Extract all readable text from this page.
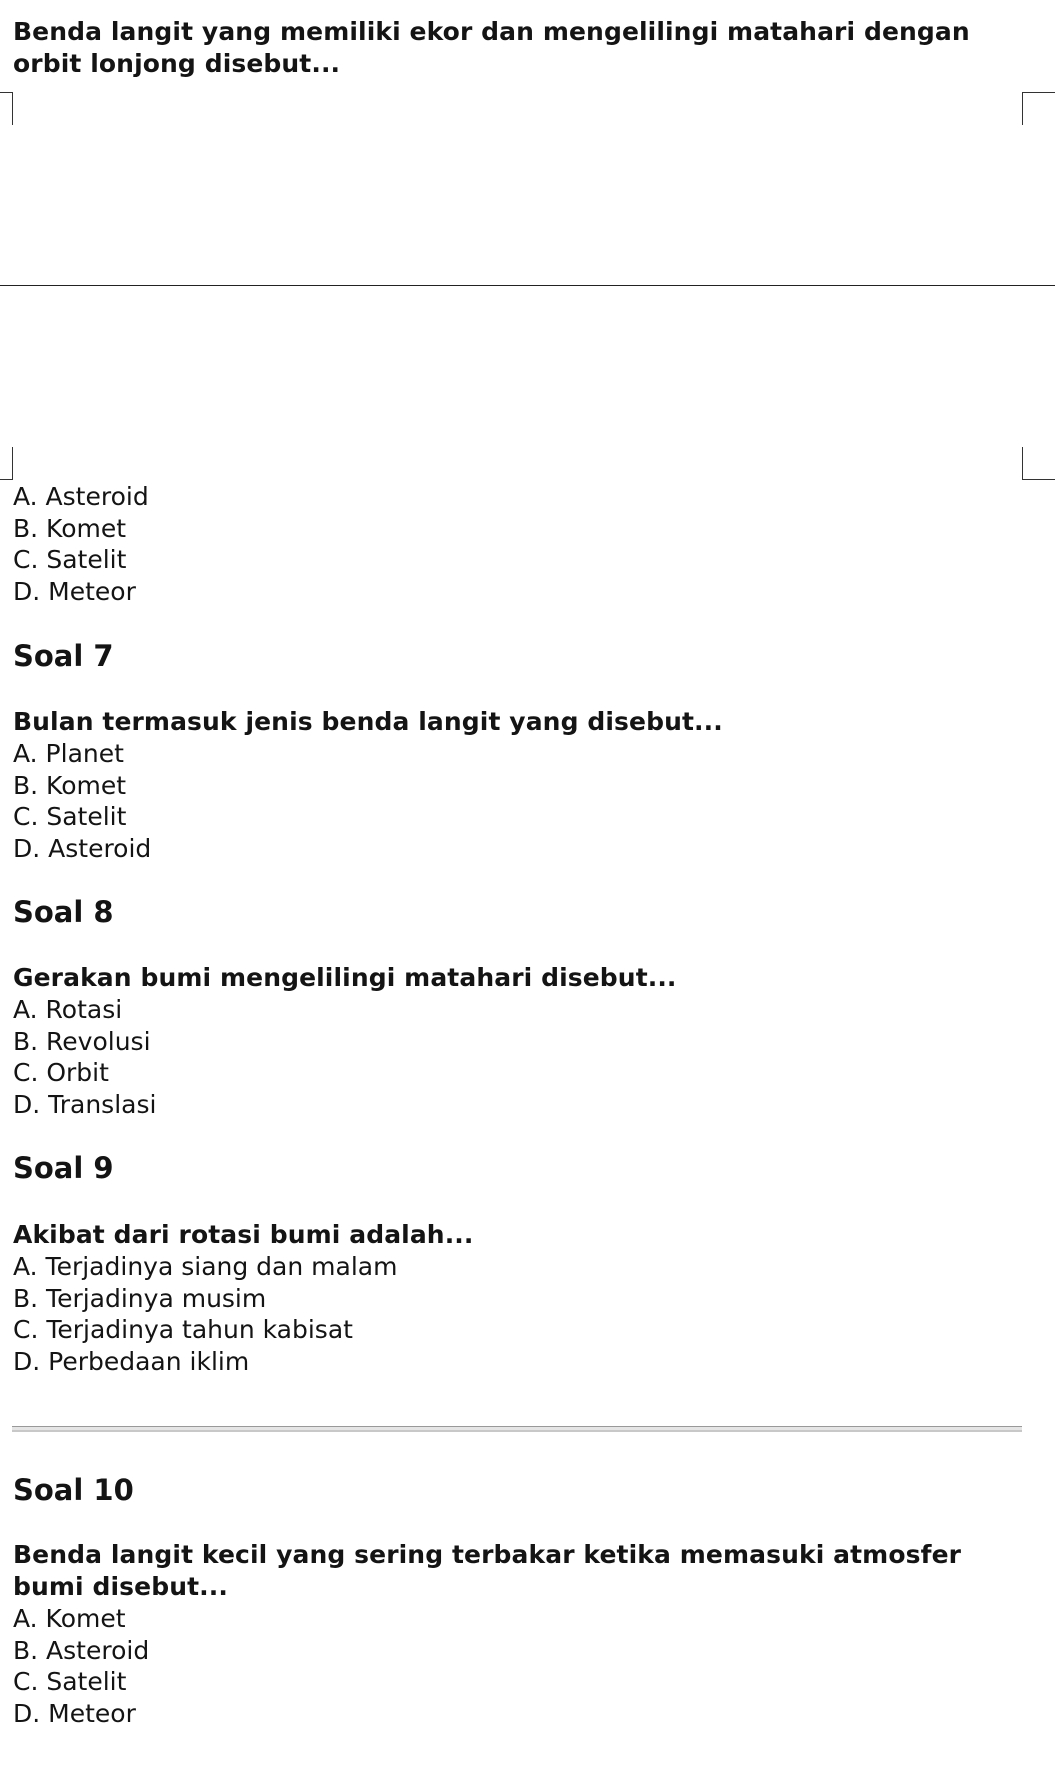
Benda langit yang memiliki ekor dan mengelilingi matahari dengan orbit lonjong disebut...

A. Asteroid

B. Komet

C. Satelit

D. Meteor

Soal 7

Bulan termasuk jenis benda langit yang disebut...

A. Planet

B. Komet

C. Satelit

D. Asteroid

Soal 8

Gerakan bumi mengelilingi matahari disebut...

A. Rotasi

B. Revolusi

C. Orbit

D. Translasi

Soal 9

Akibat dari rotasi bumi adalah...

A. Terjadinya siang dan malam

B. Terjadinya musim

C. Terjadinya tahun kabisat

D. Perbedaan iklim

Soal 10

Benda langit kecil yang sering terbakar ketika memasuki atmosfer bumi disebut...

A. Komet

B. Asteroid

C. Satelit

D. Meteor
